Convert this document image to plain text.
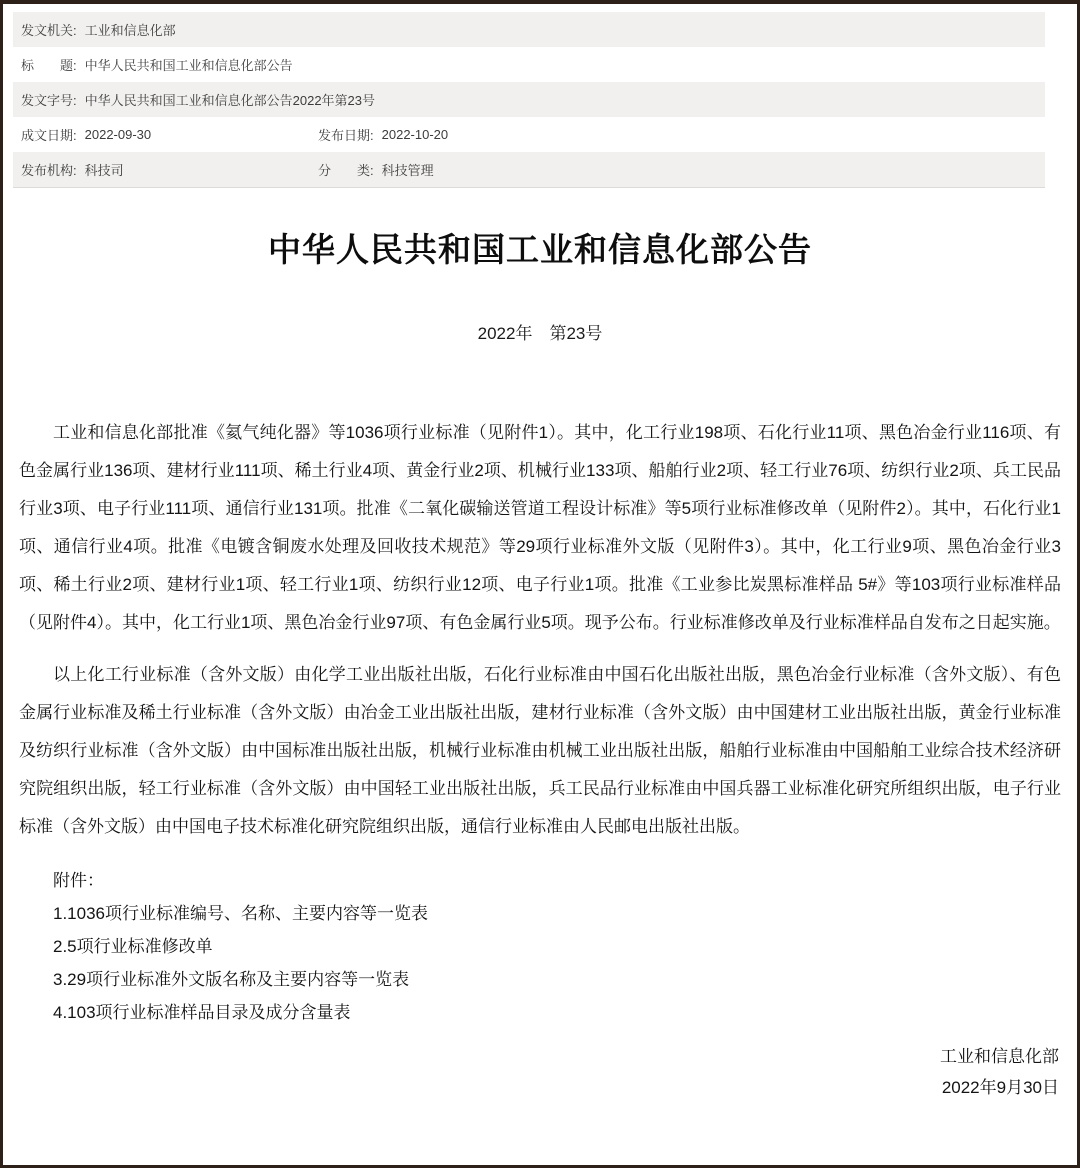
发文机关: 工业和信息化部
标　　题: 中华人民共和国工业和信息化部公告
发文字号: 中华人民共和国工业和信息化部公告2022年第23号
成文日期: 2022-09-30	发布日期: 2022-10-20
发布机构: 科技司	分　　类: 科技管理
中华人民共和国工业和信息化部公告
2022年　第23号

工业和信息化部批准《氦气纯化器》等1036项行业标准（见附件1）。其中，化工行业198项、石化行业11项、黑色冶金行业116项、有色金属行业136项、建材行业111项、稀土行业4项、黄金行业2项、机械行业133项、船舶行业2项、轻工行业76项、纺织行业2项、兵工民品行业3项、电子行业111项、通信行业131项。批准《二氧化碳输送管道工程设计标准》等5项行业标准修改单（见附件2）。其中，石化行业1项、通信行业4项。批准《电镀含铜废水处理及回收技术规范》等29项行业标准外文版（见附件3）。其中，化工行业9项、黑色冶金行业3项、稀土行业2项、建材行业1项、轻工行业1项、纺织行业12项、电子行业1项。批准《工业参比炭黑标准样品 5#》等103项行业标准样品（见附件4）。其中，化工行业1项、黑色冶金行业97项、有色金属行业5项。现予公布。行业标准修改单及行业标准样品自发布之日起实施。

以上化工行业标准（含外文版）由化学工业出版社出版，石化行业标准由中国石化出版社出版，黑色冶金行业标准（含外文版）、有色金属行业标准及稀土行业标准（含外文版）由冶金工业出版社出版，建材行业标准（含外文版）由中国建材工业出版社出版，黄金行业标准及纺织行业标准（含外文版）由中国标准出版社出版，机械行业标准由机械工业出版社出版，船舶行业标准由中国船舶工业综合技术经济研究院组织出版，轻工行业标准（含外文版）由中国轻工业出版社出版，兵工民品行业标准由中国兵器工业标准化研究所组织出版，电子行业标准（含外文版）由中国电子技术标准化研究院组织出版，通信行业标准由人民邮电出版社出版。

附件：
1.1036项行业标准编号、名称、主要内容等一览表
2.5项行业标准修改单
3.29项行业标准外文版名称及主要内容等一览表
4.103项行业标准样品目录及成分含量表
工业和信息化部
2022年9月30日
